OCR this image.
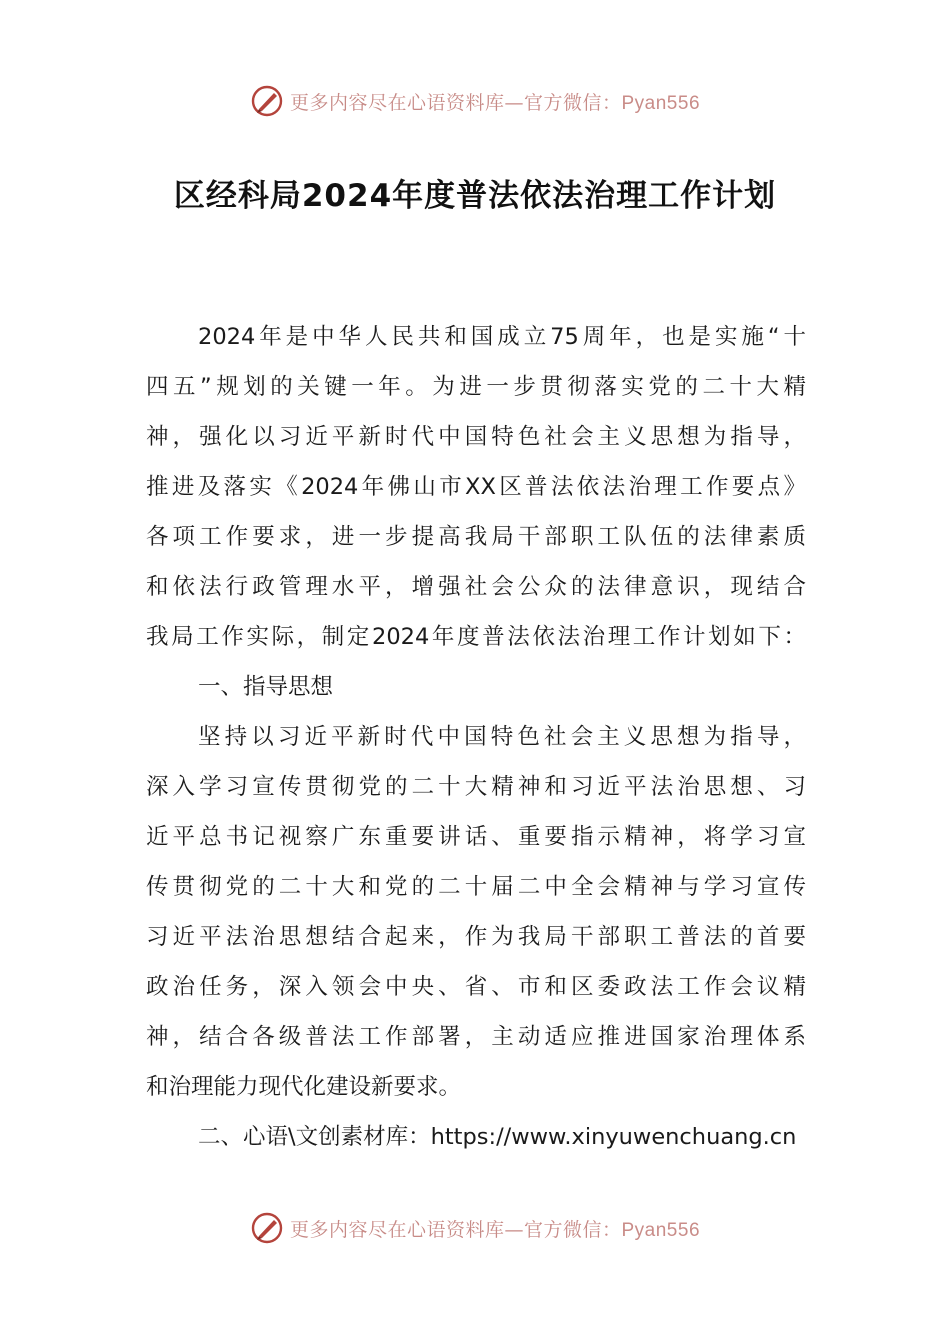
更多内容尽在心语资料库—官方微信：Pyan556
区经科局2024年度普法依法治理工作计划
2024年是中华人民共和国成立75周年，也是实施“十
四五”规划的关键一年。为进一步贯彻落实党的二十大精
神，强化以习近平新时代中国特色社会主义思想为指导，
推进及落实《2024年佛山市XX区普法依法治理工作要点》
各项工作要求，进一步提高我局干部职工队伍的法律素质
和依法行政管理水平，增强社会公众的法律意识，现结合
我局工作实际，制定2024年度普法依法治理工作计划如下：
一、指导思想
坚持以习近平新时代中国特色社会主义思想为指导，
深入学习宣传贯彻党的二十大精神和习近平法治思想、习
近平总书记视察广东重要讲话、重要指示精神，将学习宣
传贯彻党的二十大和党的二十届二中全会精神与学习宣传
习近平法治思想结合起来，作为我局干部职工普法的首要
政治任务，深入领会中央、省、市和区委政法工作会议精
神，结合各级普法工作部署，主动适应推进国家治理体系
和治理能力现代化建设新要求。
二、心语\文创素材库：https://www.xinyuwenchuang.cn
更多内容尽在心语资料库—官方微信：Pyan556
